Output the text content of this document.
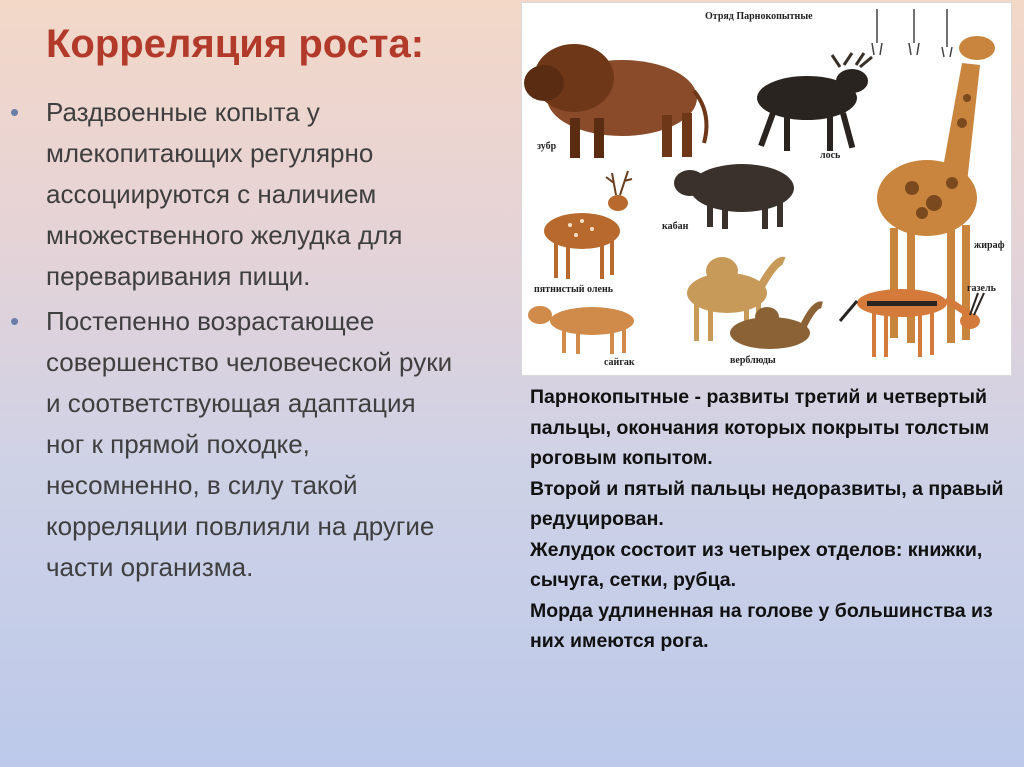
Корреляция роста:
• Раздвоенные копыта у млекопитающих регулярно ассоциируются с наличием множественного желудка для переваривания пищи.
• Постепенно возрастающее совершенство человеческой руки и соответствующая адаптация ног к прямой походке, несомненно, в силу такой корреляции повлияли на другие части организма.
Отряд Парнокопытные
зубр
лось
жираф
пятнистый олень
кабан
верблюды
сайгак
газель

Парнокопытные - развиты третий и четвертый пальцы, окончания которых покрыты толстым роговым копытом.

Второй и пятый пальцы недоразвиты, а правый редуцирован.

Желудок состоит из четырех отделов: книжки, сычуга, сетки, рубца.

Морда удлиненная на голове у большинства из них имеются рога.
